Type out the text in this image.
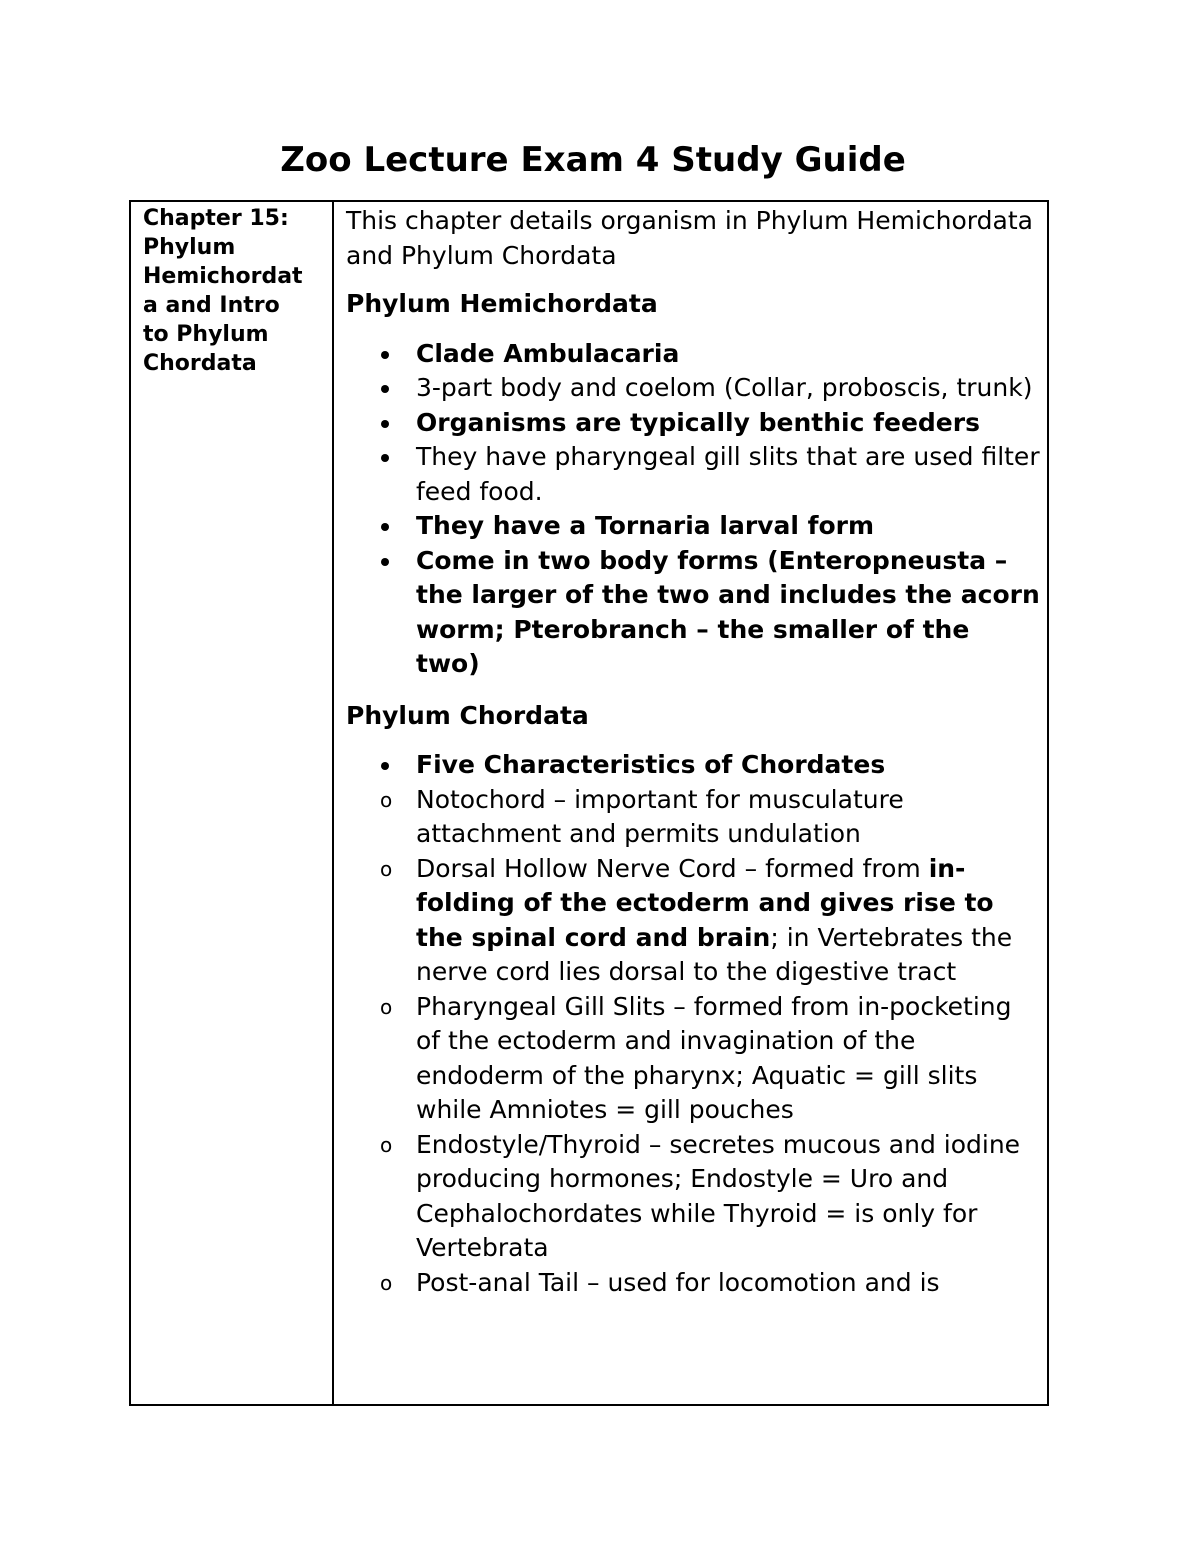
Zoo Lecture Exam 4 Study Guide
Chapter 15:
Phylum
Hemichordat
a and Intro
to Phylum
Chordata

This chapter details organism in Phylum Hemichordata and Phylum Chordata

Phylum Hemichordata
Clade Ambulacaria
3-part body and coelom (Collar, proboscis, trunk)
Organisms are typically benthic feeders
They have pharyngeal gill slits that are used filter feed food.
They have a Tornaria larval form
Come in two body forms (Enteropneusta – the larger of the two and includes the acorn worm; Pterobranch – the smaller of the two)
Phylum Chordata
Five Characteristics of Chordates
o Notochord – important for musculature attachment and permits undulation
o Dorsal Hollow Nerve Cord – formed from in-folding of the ectoderm and gives rise to the spinal cord and brain; in Vertebrates the nerve cord lies dorsal to the digestive tract
o Pharyngeal Gill Slits – formed from in-pocketing of the ectoderm and invagination of the endoderm of the pharynx; Aquatic = gill slits while Amniotes = gill pouches
o Endostyle/Thyroid – secretes mucous and iodine producing hormones; Endostyle = Uro and Cephalochordates while Thyroid = is only for Vertebrata
o Post-anal Tail – used for locomotion and is
